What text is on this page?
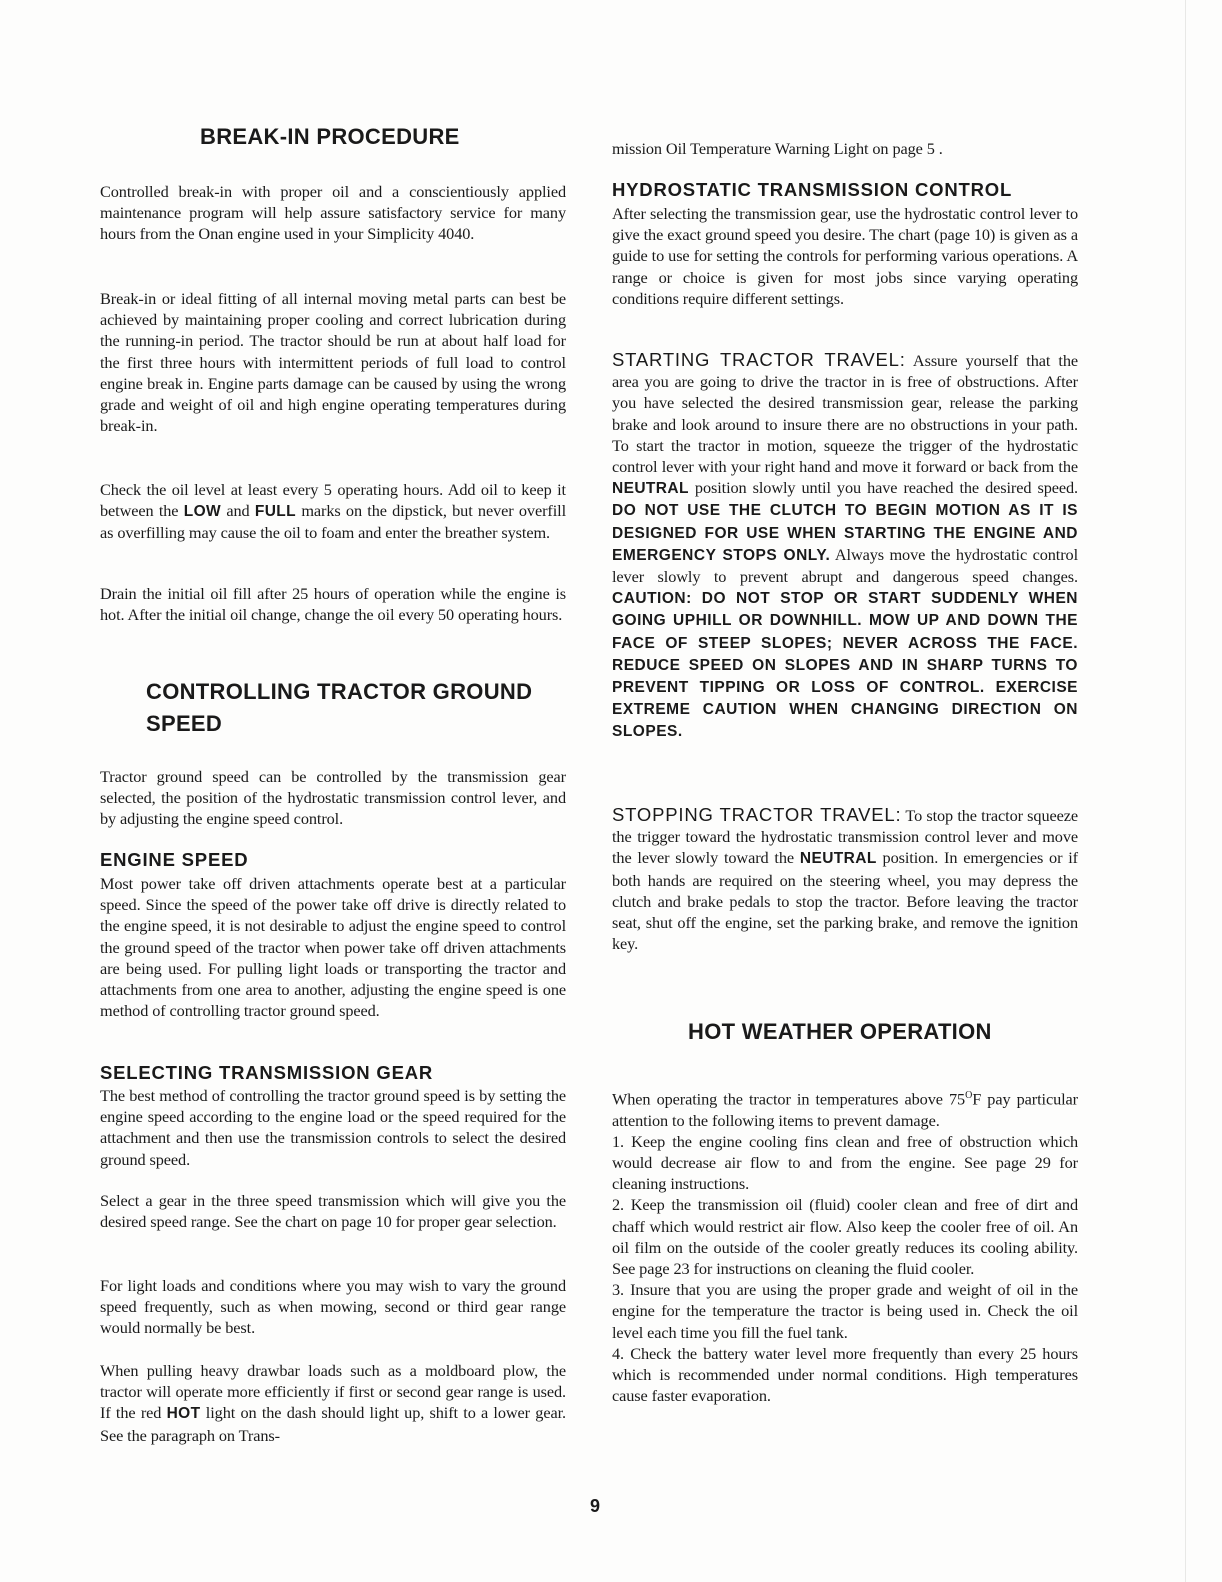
BREAK-IN PROCEDURE

Controlled break-in with proper oil and a conscientiously applied maintenance program will help assure satisfactory service for many hours from the Onan engine used in your Simplicity 4040.

Break-in or ideal fitting of all internal moving metal parts can best be achieved by maintaining proper cooling and correct lubrication during the running-in period. The tractor should be run at about half load for the first three hours with intermittent periods of full load to control engine break in. Engine parts damage can be caused by using the wrong grade and weight of oil and high engine operating temperatures during break-in.

Check the oil level at least every 5 operating hours. Add oil to keep it between the LOW and FULL marks on the dipstick, but never overfill as overfilling may cause the oil to foam and enter the breather system.

Drain the initial oil fill after 25 hours of operation while the engine is hot. After the initial oil change, change the oil every 50 operating hours.

CONTROLLING TRACTOR GROUND
SPEED

Tractor ground speed can be controlled by the transmission gear selected, the position of the hydrostatic transmission control lever, and by adjusting the engine speed control.

ENGINE SPEED

Most power take off driven attachments operate best at a particular speed. Since the speed of the power take off drive is directly related to the engine speed, it is not desirable to adjust the engine speed to control the ground speed of the tractor when power take off driven attachments are being used. For pulling light loads or transporting the tractor and attachments from one area to another, adjusting the engine speed is one method of controlling tractor ground speed.

SELECTING TRANSMISSION GEAR

The best method of controlling the tractor ground speed is by setting the engine speed according to the engine load or the speed required for the attachment and then use the transmission controls to select the desired ground speed.

Select a gear in the three speed transmission which will give you the desired speed range. See the chart on page 10 for proper gear selection.

For light loads and conditions where you may wish to vary the ground speed frequently, such as when mowing, second or third gear range would normally be best.

When pulling heavy drawbar loads such as a moldboard plow, the tractor will operate more efficiently if first or second gear range is used. If the red HOT light on the dash should light up, shift to a lower gear. See the paragraph on Trans-

mission Oil Temperature Warning Light on page 5 .

HYDROSTATIC TRANSMISSION CONTROL

After selecting the transmission gear, use the hydrostatic control lever to give the exact ground speed you desire. The chart (page 10) is given as a guide to use for setting the controls for performing various operations. A range or choice is given for most jobs since varying operating conditions require different settings.

STARTING TRACTOR TRAVEL: Assure yourself that the area you are going to drive the tractor in is free of obstructions. After you have selected the desired transmission gear, release the parking brake and look around to insure there are no obstructions in your path. To start the tractor in motion, squeeze the trigger of the hydrostatic control lever with your right hand and move it forward or back from the NEUTRAL position slowly until you have reached the desired speed. DO NOT USE THE CLUTCH TO BEGIN MOTION AS IT IS DESIGNED FOR USE WHEN STARTING THE ENGINE AND EMERGENCY STOPS ONLY. Always move the hydrostatic control lever slowly to prevent abrupt and dangerous speed changes. CAUTION: DO NOT STOP OR START SUDDENLY WHEN GOING UPHILL OR DOWNHILL. MOW UP AND DOWN THE FACE OF STEEP SLOPES; NEVER ACROSS THE FACE. REDUCE SPEED ON SLOPES AND IN SHARP TURNS TO PREVENT TIPPING OR LOSS OF CONTROL. EXERCISE EXTREME CAUTION WHEN CHANGING DIRECTION ON SLOPES.

STOPPING TRACTOR TRAVEL: To stop the tractor squeeze the trigger toward the hydrostatic transmission control lever and move the lever slowly toward the NEUTRAL position. In emergencies or if both hands are required on the steering wheel, you may depress the clutch and brake pedals to stop the tractor. Before leaving the tractor seat, shut off the engine, set the parking brake, and remove the ignition key.

HOT WEATHER OPERATION

When operating the tractor in temperatures above $75^OF$ pay particular attention to the following items to prevent damage.

1. Keep the engine cooling fins clean and free of obstruction which would decrease air flow to and from the engine. See page 29 for cleaning instructions.

2. Keep the transmission oil (fluid) cooler clean and free of dirt and chaff which would restrict air flow. Also keep the cooler free of oil. An oil film on the outside of the cooler greatly reduces its cooling ability. See page 23 for instructions on cleaning the fluid cooler.

3. Insure that you are using the proper grade and weight of oil in the engine for the temperature the tractor is being used in. Check the oil level each time you fill the fuel tank.

4. Check the battery water level more frequently than every 25 hours which is recommended under normal conditions. High temperatures cause faster evaporation.

9
